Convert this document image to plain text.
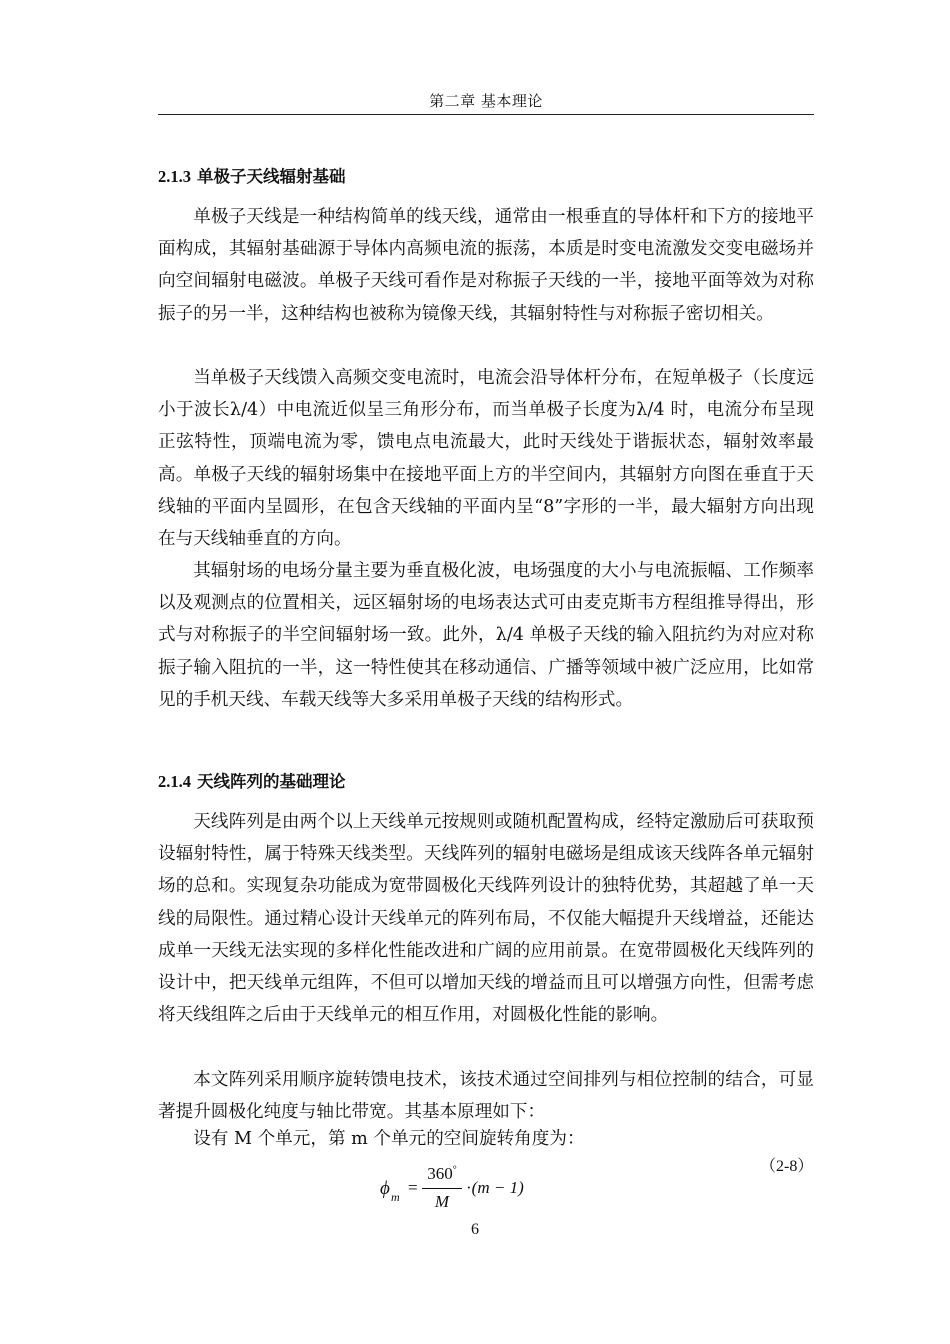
第二章 基本理论
2.1.3 单极子天线辐射基础

单极子天线是一种结构简单的线天线，通常由一根垂直的导体杆和下方的接地平面构成，其辐射基础源于导体内高频电流的振荡，本质是时变电流激发交变电磁场并向空间辐射电磁波。单极子天线可看作是对称振子天线的一半，接地平面等效为对称振子的另一半，这种结构也被称为镜像天线，其辐射特性与对称振子密切相关。

当单极子天线馈入高频交变电流时，电流会沿导体杆分布，在短单极子（长度远小于波长λ/4）中电流近似呈三角形分布，而当单极子长度为λ/4 时，电流分布呈现正弦特性，顶端电流为零，馈电点电流最大，此时天线处于谐振状态，辐射效率最高。单极子天线的辐射场集中在接地平面上方的半空间内，其辐射方向图在垂直于天线轴的平面内呈圆形，在包含天线轴的平面内呈“8”字形的一半，最大辐射方向出现在与天线轴垂直的方向。

其辐射场的电场分量主要为垂直极化波，电场强度的大小与电流振幅、工作频率以及观测点的位置相关，远区辐射场的电场表达式可由麦克斯韦方程组推导得出，形式与对称振子的半空间辐射场一致。此外，λ/4 单极子天线的输入阻抗约为对应对称振子输入阻抗的一半，这一特性使其在移动通信、广播等领域中被广泛应用，比如常见的手机天线、车载天线等大多采用单极子天线的结构形式。

2.1.4 天线阵列的基础理论

天线阵列是由两个以上天线单元按规则或随机配置构成，经特定激励后可获取预设辐射特性，属于特殊天线类型。天线阵列的辐射电磁场是组成该天线阵各单元辐射场的总和。实现复杂功能成为宽带圆极化天线阵列设计的独特优势，其超越了单一天线的局限性。通过精心设计天线单元的阵列布局，不仅能大幅提升天线增益，还能达成单一天线无法实现的多样化性能改进和广阔的应用前景。在宽带圆极化天线阵列的设计中，把天线单元组阵，不但可以增加天线的增益而且可以增强方向性，但需考虑将天线组阵之后由于天线单元的相互作用，对圆极化性能的影响。

本文阵列采用顺序旋转馈电技术，该技术通过空间排列与相位控制的结合，可显著提升圆极化纯度与轴比带宽。其基本原理如下：

设有 M 个单元，第 m 个单元的空间旋转角度为：

（2-8）
ϕ m =
360°
M
·(m − 1)
6
